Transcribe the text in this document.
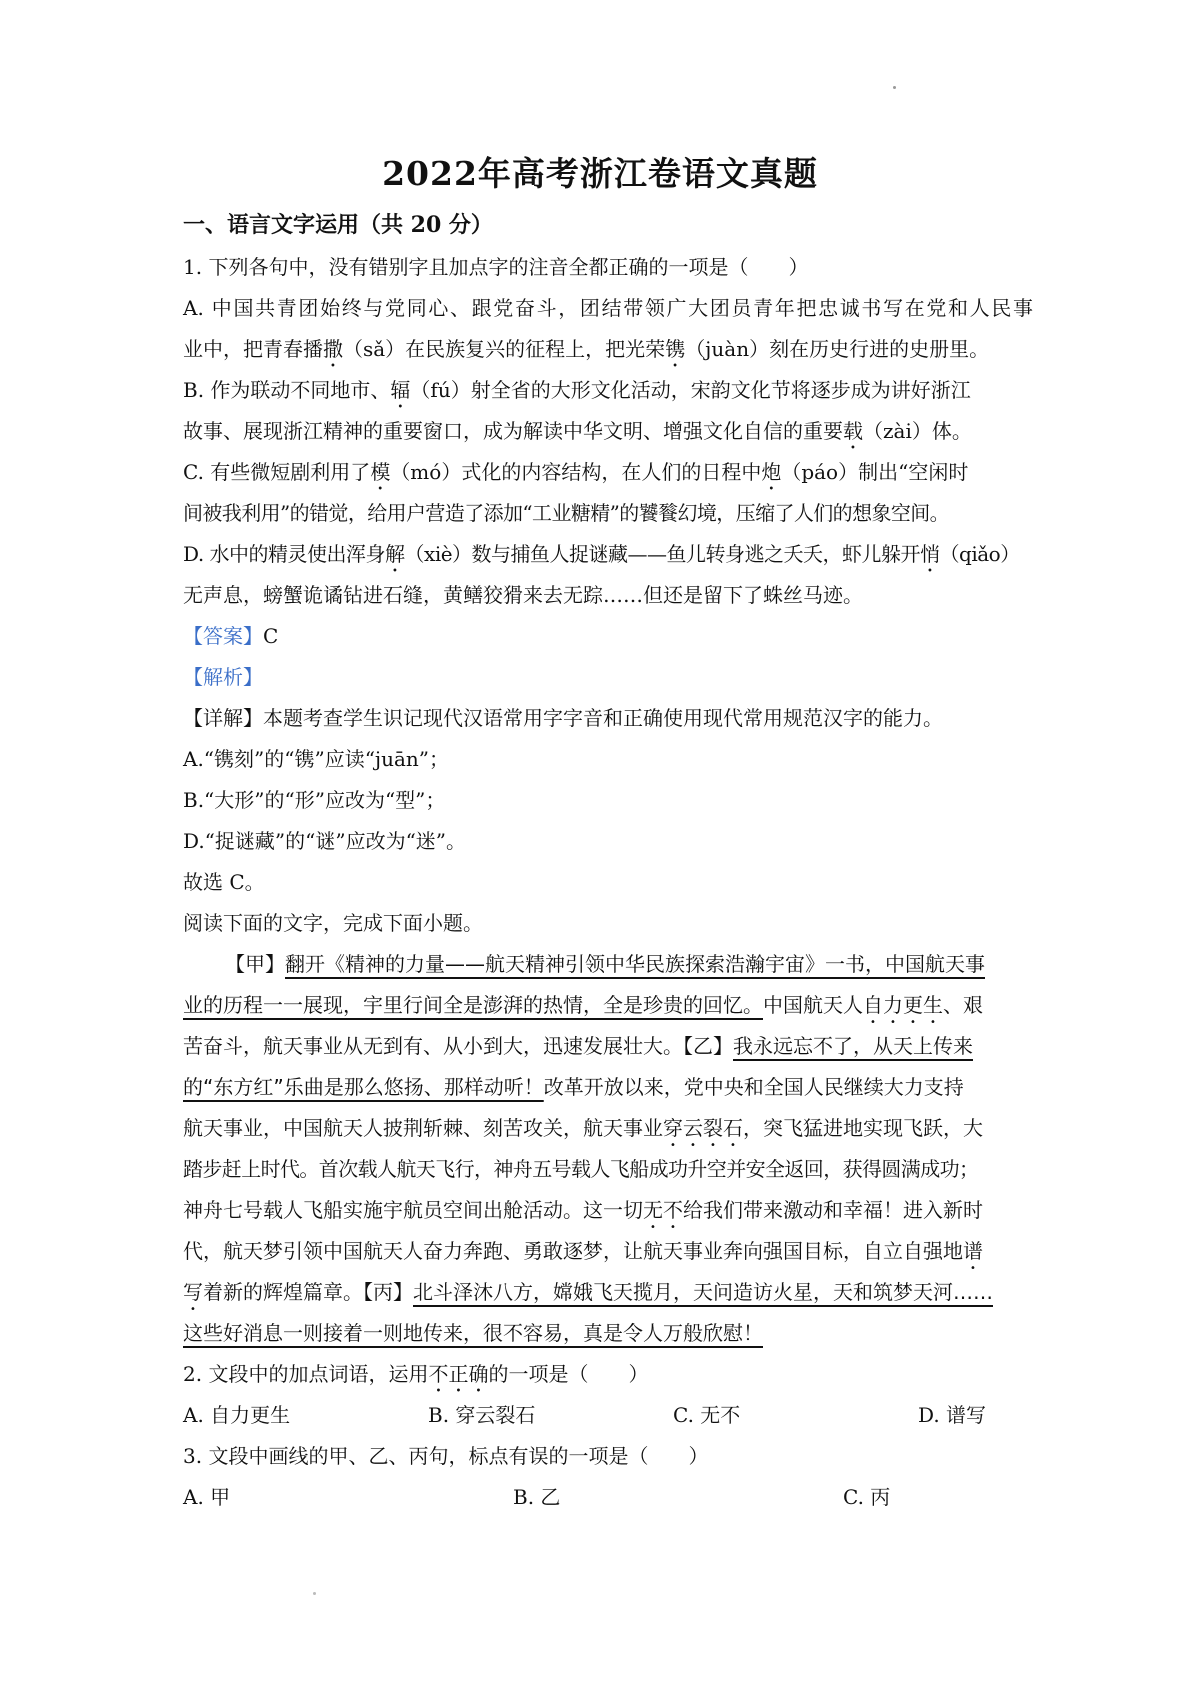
2022年高考浙江卷语文真题
一、语言文字运用（共 20 分）
1. 下列各句中，没有错别字且加点字的注音全都正确的一项是（　　）
A. 中国共青团始终与党同心、跟党奋斗，团结带领广大团员青年把忠诚书写在党和人民事
业中，把青春播撒（sǎ）在民族复兴的征程上，把光荣镌（juàn）刻在历史行进的史册里。
B. 作为联动不同地市、辐（fú）射全省的大形文化活动，宋韵文化节将逐步成为讲好浙江
故事、展现浙江精神的重要窗口，成为解读中华文明、增强文化自信的重要载（zài）体。
C. 有些微短剧利用了模（mó）式化的内容结构，在人们的日程中炮（páo）制出“空闲时
间被我利用”的错觉，给用户营造了添加“工业糖精”的饕餮幻境，压缩了人们的想象空间。
D. 水中的精灵使出浑身解（xiè）数与捕鱼人捉谜藏——鱼儿转身逃之夭夭，虾儿躲开悄（qiǎo）
无声息，螃蟹诡谲钻进石缝，黄鳝狡猾来去无踪……但还是留下了蛛丝马迹。
【答案】C
【解析】
【详解】本题考查学生识记现代汉语常用字字音和正确使用现代常用规范汉字的能力。
A.“镌刻”的“镌”应读“juān”；
B.“大形”的“形”应改为“型”；
D.“捉谜藏”的“谜”应改为“迷”。
故选 C。
阅读下面的文字，完成下面小题。
【甲】翻开《精神的力量——航天精神引领中华民族探索浩瀚宇宙》一书，中国航天事
业的历程一一展现，宇里行间全是澎湃的热情，全是珍贵的回忆。中国航天人自力更生、艰
苦奋斗，航天事业从无到有、从小到大，迅速发展壮大。【乙】我永远忘不了，从天上传来
的“东方红”乐曲是那么悠扬、那样动听！改革开放以来，党中央和全国人民继续大力支持
航天事业，中国航天人披荆斩棘、刻苦攻关，航天事业穿云裂石，突飞猛进地实现飞跃，大
踏步赶上时代。首次载人航天飞行，神舟五号载人飞船成功升空并安全返回，获得圆满成功；
神舟七号载人飞船实施宇航员空间出舱活动。这一切无不给我们带来激动和幸福！进入新时
代，航天梦引领中国航天人奋力奔跑、勇敢逐梦，让航天事业奔向强国目标，自立自强地谱
写着新的辉煌篇章。【丙】北斗泽沐八方，嫦娥飞天揽月，天问造访火星，天和筑梦天河……
这些好消息一则接着一则地传来，很不容易，真是令人万般欣慰！
2. 文段中的加点词语，运用不正确的一项是（　　）
A. 自力更生	B. 穿云裂石	C. 无不	D. 谱写
3. 文段中画线的甲、乙、丙句，标点有误的一项是（　　）
A. 甲	B. 乙	C. 丙
